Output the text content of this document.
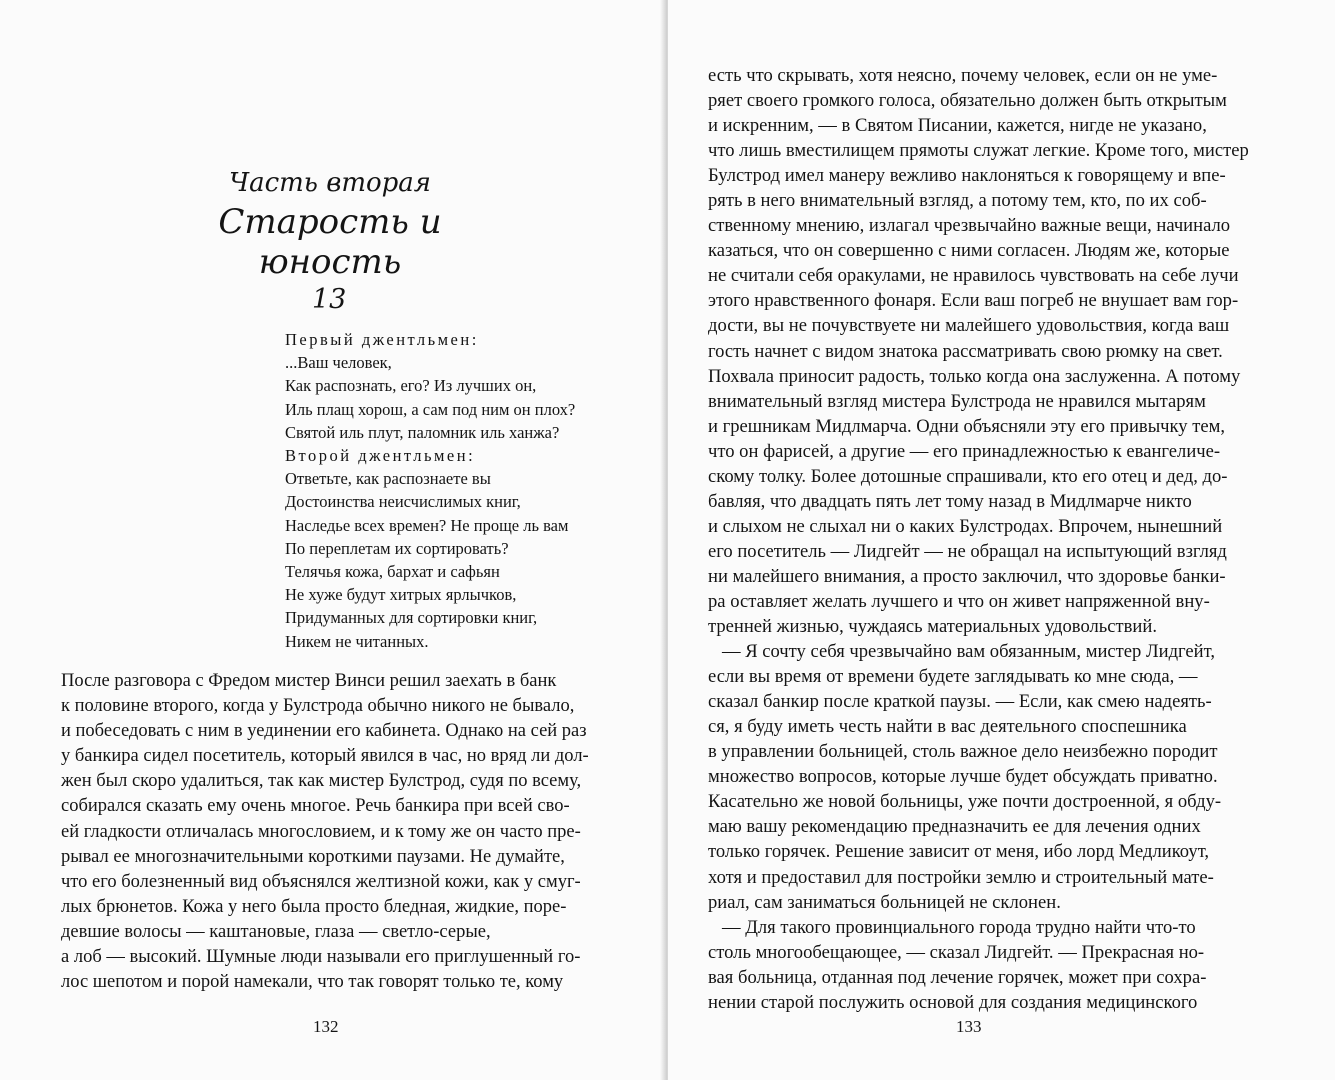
Часть вторая
Старость и юность
13
Первый джентльмен:
...Ваш человек,
Как распознать, его? Из лучших он,
Иль плащ хорош, а сам под ним он плох?
Святой иль плут, паломник иль ханжа?
Второй джентльмен:
Ответьте, как распознаете вы
Достоинства неисчислимых книг,
Наследье всех времен? Не проще ль вам
По переплетам их сортировать?
Телячья кожа, бархат и сафьян
Не хуже будут хитрых ярлычков,
Придуманных для сортировки книг,
Никем не читанных.
После разговора с Фредом мистер Винси решил заехать в банк
к половине второго, когда у Булстрода обычно никого не бывало,
и побеседовать с ним в уединении его кабинета. Однако на сей раз
у банкира сидел посетитель, который явился в час, но вряд ли дол-
жен был скоро удалиться, так как мистер Булстрод, судя по всему,
собирался сказать ему очень многое. Речь банкира при всей сво-
ей гладкости отличалась многословием, и к тому же он часто пре-
рывал ее многозначительными короткими паузами. Не думайте,
что его болезненный вид объяснялся желтизной кожи, как у смуг-
лых брюнетов. Кожа у него была просто бледная, жидкие, поре-
девшие волосы — каштановые, глаза — светло-серые,
а лоб — высокий. Шумные люди называли его приглушенный го-
лос шепотом и порой намекали, что так говорят только те, кому
132
есть что скрывать, хотя неясно, почему человек, если он не уме-
ряет своего громкого голоса, обязательно должен быть открытым
и искренним, — в Святом Писании, кажется, нигде не указано,
что лишь вместилищем прямоты служат легкие. Кроме того, мистер
Булстрод имел манеру вежливо наклоняться к говорящему и впе-
рять в него внимательный взгляд, а потому тем, кто, по их соб-
ственному мнению, излагал чрезвычайно важные вещи, начинало
казаться, что он совершенно с ними согласен. Людям же, которые
не считали себя оракулами, не нравилось чувствовать на себе лучи
этого нравственного фонаря. Если ваш погреб не внушает вам гор-
дости, вы не почувствуете ни малейшего удовольствия, когда ваш
гость начнет с видом знатока рассматривать свою рюмку на свет.
Похвала приносит радость, только когда она заслуженна. А потому
внимательный взгляд мистера Булстрода не нравился мытарям
и грешникам Мидлмарча. Одни объясняли эту его привычку тем,
что он фарисей, а другие — его принадлежностью к евангеличе-
скому толку. Более дотошные спрашивали, кто его отец и дед, до-
бавляя, что двадцать пять лет тому назад в Мидлмарче никто
и слыхом не слыхал ни о каких Булстродах. Впрочем, нынешний
его посетитель — Лидгейт — не обращал на испытующий взгляд
ни малейшего внимания, а просто заключил, что здоровье банки-
ра оставляет желать лучшего и что он живет напряженной вну-
тренней жизнью, чуждаясь материальных удовольствий.
— Я сочту себя чрезвычайно вам обязанным, мистер Лидгейт,
если вы время от времени будете заглядывать ко мне сюда, —
сказал банкир после краткой паузы. — Если, как смею надеять-
ся, я буду иметь честь найти в вас деятельного споспешника
в управлении больницей, столь важное дело неизбежно породит
множество вопросов, которые лучше будет обсуждать приватно.
Касательно же новой больницы, уже почти достроенной, я обду-
маю вашу рекомендацию предназначить ее для лечения одних
только горячек. Решение зависит от меня, ибо лорд Медликоут,
хотя и предоставил для постройки землю и строительный мате-
риал, сам заниматься больницей не склонен.
— Для такого провинциального города трудно найти что-то
столь многообещающее, — сказал Лидгейт. — Прекрасная но-
вая больница, отданная под лечение горячек, может при сохра-
нении старой послужить основой для создания медицинского
133
